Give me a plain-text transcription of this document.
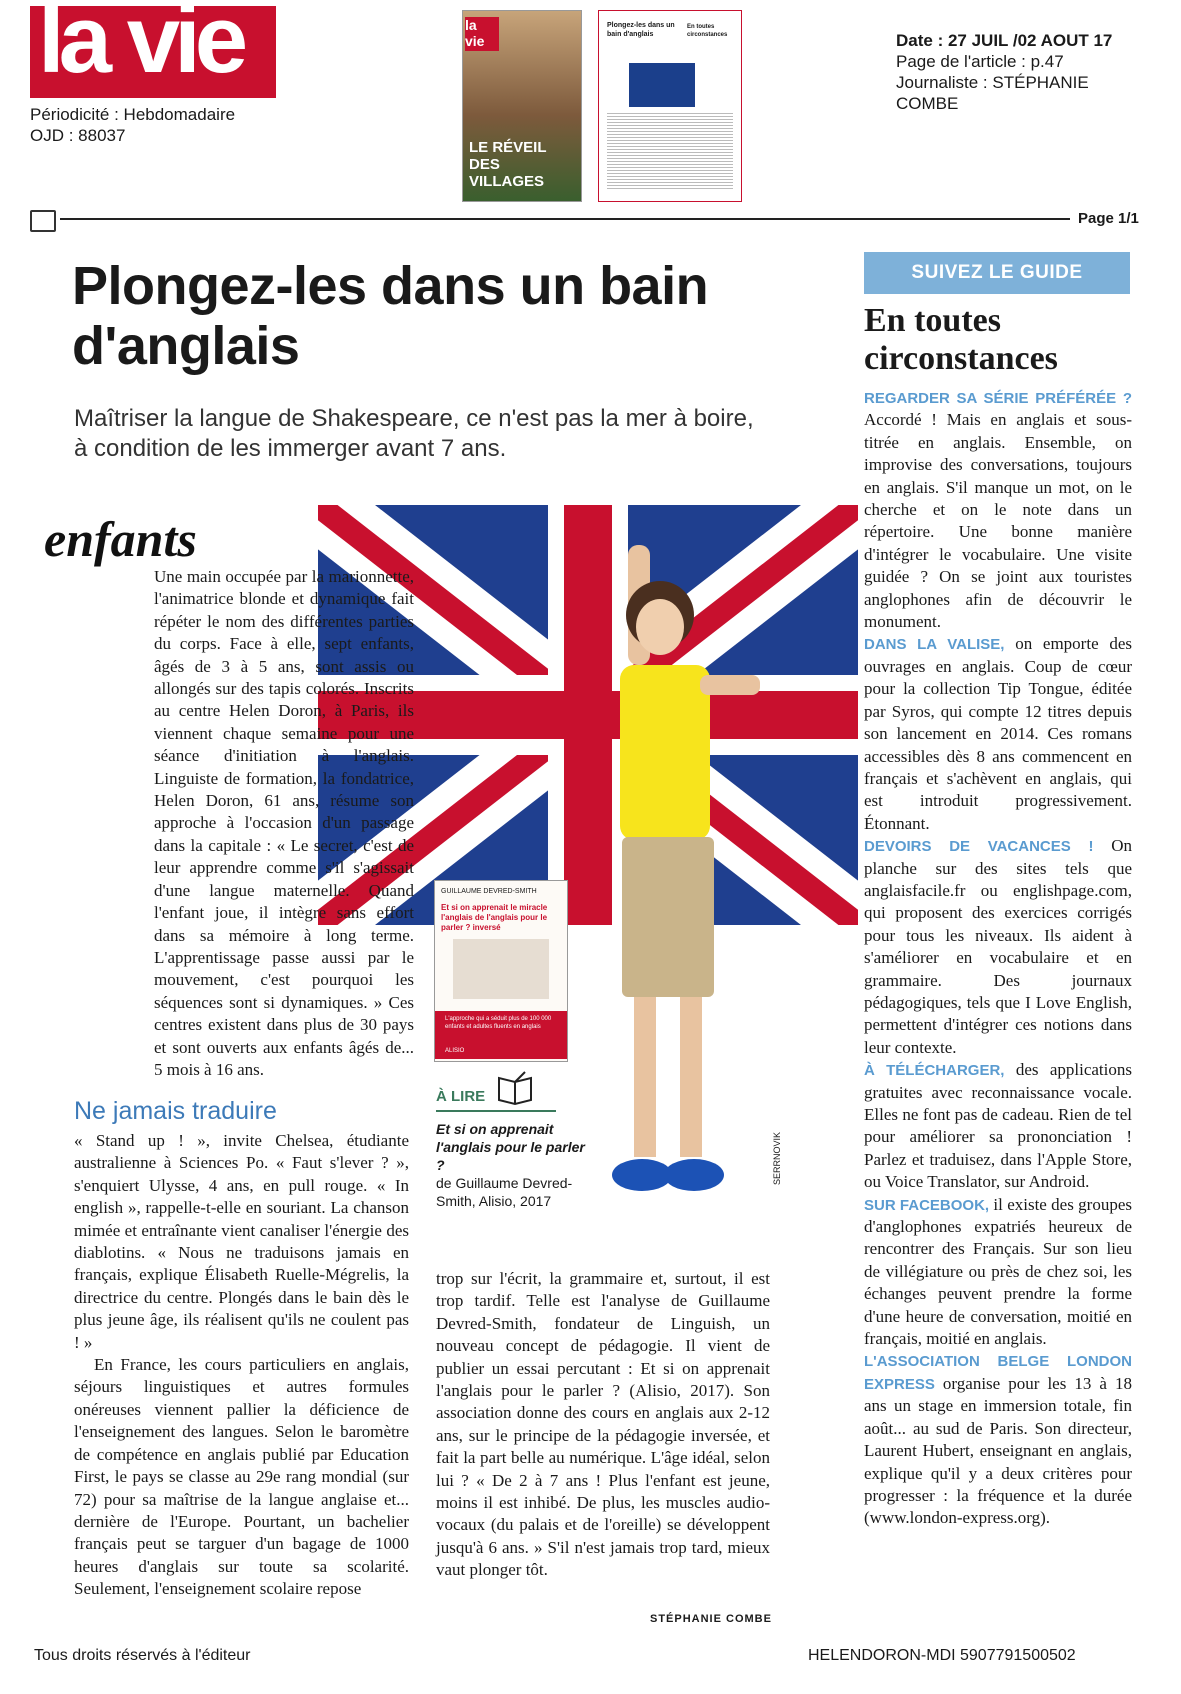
la vie
Périodicité : Hebdomadaire
OJD : 88037
la vie
LE RÉVEIL DES VILLAGES
Plongez-les dans un bain d'anglais
En toutes circonstances	Date : 27 JUIL /02 AOUT 17
Page de l'article : p.47
Journaliste : STÉPHANIE COMBE
Page 1/1
Plongez-les dans un bain d'anglais
Maîtriser la langue de Shakespeare, ce n'est pas la mer à boire, à condition de les immerger avant 7 ans.
SERRNOVIK
GUILLAUME DEVRED-SMITH
Et si on apprenait le miracle l'anglais de l'anglais pour le parler ? inversé
L'approche qui a séduit plus de 100 000 enfants et adultes fluents en anglais
ALISIO
À LIRE
Et si on apprenait l'anglais pour le parler ?
de Guillaume Devred-Smith, Alisio, 2017
enfants
Une main occupée par la marionnette, l'animatrice blonde et dynamique fait répéter le nom des différentes parties du corps. Face à elle, sept enfants, âgés de 3 à 5 ans, sont assis ou allongés sur des tapis colorés. Inscrits au centre Helen Doron, à Paris, ils viennent chaque semaine pour une séance d'initiation à l'anglais. Linguiste de formation, la fondatrice, Helen Doron, 61 ans, résume son approche à l'occasion d'un passage dans la capitale : « Le secret, c'est de leur apprendre comme s'il s'agissait d'une langue maternelle. Quand l'enfant joue, il intègre sans effort dans sa mémoire à long terme. L'apprentissage passe aussi par le mouvement, c'est pourquoi les séquences sont si dynamiques. » Ces centres existent dans plus de 30 pays et sont ouverts aux enfants âgés de... 5 mois à 16 ans.
Ne jamais traduire
« Stand up ! », invite Chelsea, étudiante australienne à Sciences Po. « Faut s'lever ? », s'enquiert Ulysse, 4 ans, en pull rouge. « In english », rappelle-t-elle en souriant. La chanson mimée et entraînante vient canaliser l'énergie des diablotins. « Nous ne traduisons jamais en français, explique Élisabeth Ruelle-Mégrelis, la directrice du centre. Plongés dans le bain dès le plus jeune âge, ils réalisent qu'ils ne coulent pas ! »
En France, les cours particuliers en anglais, séjours linguistiques et autres formules onéreuses viennent pallier la déficience de l'enseignement des langues. Selon le baromètre de compétence en anglais publié par Education First, le pays se classe au 29e rang mondial (sur 72) pour sa maîtrise de la langue anglaise et... dernière de l'Europe. Pourtant, un bachelier français peut se targuer d'un bagage de 1000 heures d'anglais sur toute sa scolarité. Seulement, l'enseignement scolaire repose
trop sur l'écrit, la grammaire et, surtout, il est trop tardif. Telle est l'analyse de Guillaume Devred-Smith, fondateur de Linguish, un nouveau concept de pédagogie. Il vient de publier un essai percutant : Et si on apprenait l'anglais pour le parler ? (Alisio, 2017). Son association donne des cours en anglais aux 2-12 ans, sur le principe de la pédagogie inversée, et fait la part belle au numérique. L'âge idéal, selon lui ? « De 2 à 7 ans ! Plus l'enfant est jeune, moins il est inhibé. De plus, les muscles audio-vocaux (du palais et de l'oreille) se développent jusqu'à 6 ans. » S'il n'est jamais trop tard, mieux vaut plonger tôt.
STÉPHANIE COMBE
SUIVEZ LE GUIDE
En toutes circonstances
REGARDER SA SÉRIE PRÉFÉRÉE ? Accordé ! Mais en anglais et sous-titrée en anglais. Ensemble, on improvise des conversations, toujours en anglais. S'il manque un mot, on le cherche et on le note dans un répertoire. Une bonne manière d'intégrer le vocabulaire. Une visite guidée ? On se joint aux touristes anglophones afin de découvrir le monument.
DANS LA VALISE, on emporte des ouvrages en anglais. Coup de cœur pour la collection Tip Tongue, éditée par Syros, qui compte 12 titres depuis son lancement en 2014. Ces romans accessibles dès 8 ans commencent en français et s'achèvent en anglais, qui est introduit progressivement. Étonnant.
DEVOIRS DE VACANCES ! On planche sur des sites tels que anglaisfacile.fr ou englishpage.com, qui proposent des exercices corrigés pour tous les niveaux. Ils aident à s'améliorer en vocabulaire et en grammaire. Des journaux pédagogiques, tels que I Love English, permettent d'intégrer ces notions dans leur contexte.
À TÉLÉCHARGER, des applications gratuites avec reconnaissance vocale. Elles ne font pas de cadeau. Rien de tel pour améliorer sa prononciation ! Parlez et traduisez, dans l'Apple Store, ou Voice Translator, sur Android.
SUR FACEBOOK, il existe des groupes d'anglophones expatriés heureux de rencontrer des Français. Sur son lieu de villégiature ou près de chez soi, les échanges peuvent prendre la forme d'une heure de conversation, moitié en français, moitié en anglais.
L'ASSOCIATION BELGE LONDON EXPRESS organise pour les 13 à 18 ans un stage en immersion totale, fin août... au sud de Paris. Son directeur, Laurent Hubert, enseignant en anglais, explique qu'il y a deux critères pour progresser : la fréquence et la durée (www.london-express.org).
Tous droits réservés à l'éditeur	HELENDORON-MDI 5907791500502
